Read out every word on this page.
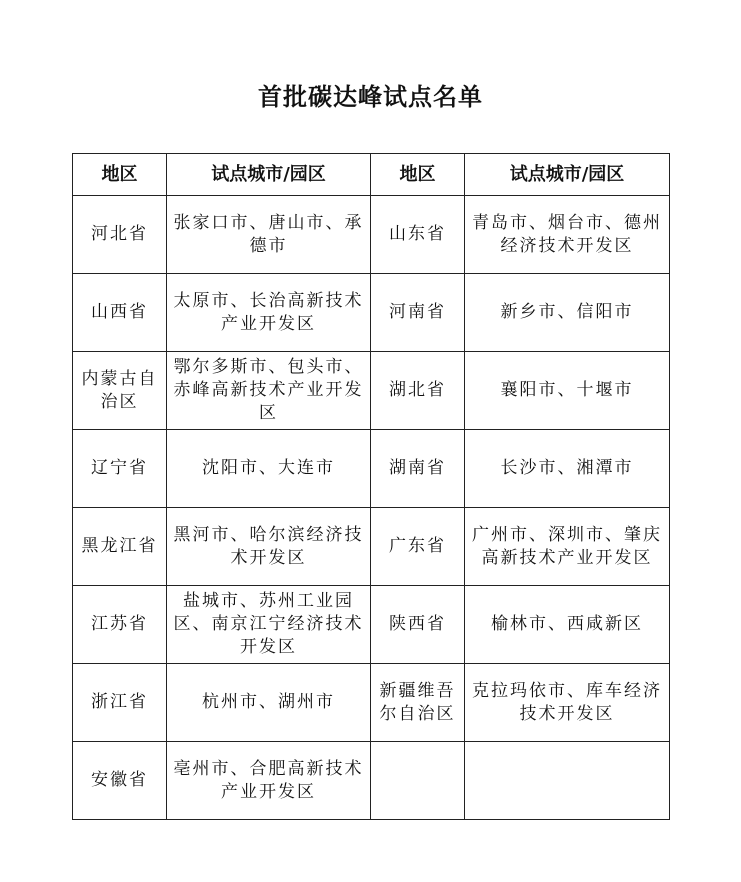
首批碳达峰试点名单
地区	试点城市/园区	地区	试点城市/园区
河北省	张家口市、唐山市、承德市	山东省	青岛市、烟台市、德州经济技术开发区
山西省	太原市、长治高新技术产业开发区	河南省	新乡市、信阳市
内蒙古自治区	鄂尔多斯市、包头市、赤峰高新技术产业开发区	湖北省	襄阳市、十堰市
辽宁省	沈阳市、大连市	湖南省	长沙市、湘潭市
黑龙江省	黑河市、哈尔滨经济技术开发区	广东省	广州市、深圳市、肇庆高新技术产业开发区
江苏省	盐城市、苏州工业园区、南京江宁经济技术开发区	陕西省	榆林市、西咸新区
浙江省	杭州市、湖州市	新疆维吾尔自治区	克拉玛依市、库车经济技术开发区
安徽省	亳州市、合肥高新技术产业开发区		
